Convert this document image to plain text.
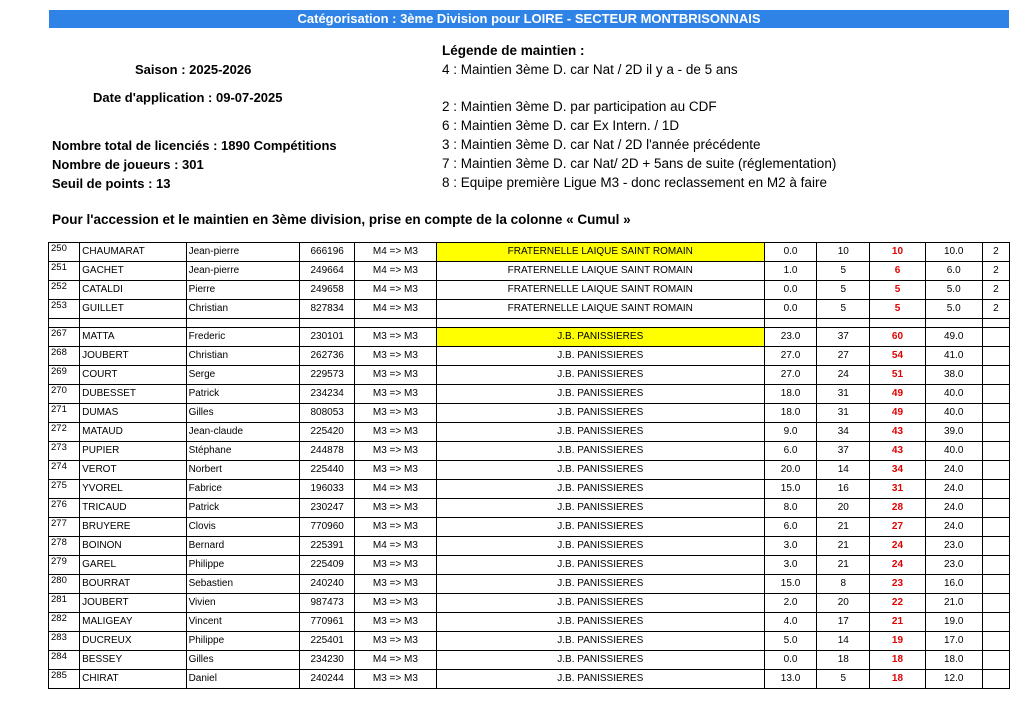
Catégorisation : 3ème Division pour LOIRE - SECTEUR MONTBRISONNAIS
Saison : 2025-2026
Date d'application : 09-07-2025
Nombre total de licenciés : 1890 Compétitions
Nombre de joueurs : 301
Seuil de points : 13
Légende de maintien :
4 : Maintien 3ème D. car Nat / 2D il y a - de 5 ans
2 : Maintien 3ème D. par participation au CDF
6 : Maintien 3ème D. car Ex Intern. / 1D
3 : Maintien 3ème D. car Nat / 2D l'année précédente
7 : Maintien 3ème D. car Nat/ 2D + 5ans de suite (réglementation)
8 : Equipe première Ligue M3 - donc reclassement en M2 à faire
Pour l'accession et le maintien en 3ème division, prise en compte de la colonne « Cumul »
250	CHAUMARAT	Jean-pierre	666196	M4 => M3	FRATERNELLE LAIQUE SAINT ROMAIN	0.0	10	10	10.0	2
251	GACHET	Jean-pierre	249664	M4 => M3	FRATERNELLE LAIQUE SAINT ROMAIN	1.0	5	6	6.0	2
252	CATALDI	Pierre	249658	M4 => M3	FRATERNELLE LAIQUE SAINT ROMAIN	0.0	5	5	5.0	2
253	GUILLET	Christian	827834	M4 => M3	FRATERNELLE LAIQUE SAINT ROMAIN	0.0	5	5	5.0	2

267	MATTA	Frederic	230101	M3 => M3	J.B. PANISSIERES	23.0	37	60	49.0	
268	JOUBERT	Christian	262736	M3 => M3	J.B. PANISSIERES	27.0	27	54	41.0	
269	COURT	Serge	229573	M3 => M3	J.B. PANISSIERES	27.0	24	51	38.0	
270	DUBESSET	Patrick	234234	M3 => M3	J.B. PANISSIERES	18.0	31	49	40.0	
271	DUMAS	Gilles	808053	M3 => M3	J.B. PANISSIERES	18.0	31	49	40.0	
272	MATAUD	Jean-claude	225420	M3 => M3	J.B. PANISSIERES	9.0	34	43	39.0	
273	PUPIER	Stéphane	244878	M3 => M3	J.B. PANISSIERES	6.0	37	43	40.0	
274	VEROT	Norbert	225440	M3 => M3	J.B. PANISSIERES	20.0	14	34	24.0	
275	YVOREL	Fabrice	196033	M4 => M3	J.B. PANISSIERES	15.0	16	31	24.0	
276	TRICAUD	Patrick	230247	M3 => M3	J.B. PANISSIERES	8.0	20	28	24.0	
277	BRUYERE	Clovis	770960	M3 => M3	J.B. PANISSIERES	6.0	21	27	24.0	
278	BOINON	Bernard	225391	M4 => M3	J.B. PANISSIERES	3.0	21	24	23.0	
279	GAREL	Philippe	225409	M3 => M3	J.B. PANISSIERES	3.0	21	24	23.0	
280	BOURRAT	Sebastien	240240	M3 => M3	J.B. PANISSIERES	15.0	8	23	16.0	
281	JOUBERT	Vivien	987473	M3 => M3	J.B. PANISSIERES	2.0	20	22	21.0	
282	MALIGEAY	Vincent	770961	M3 => M3	J.B. PANISSIERES	4.0	17	21	19.0	
283	DUCREUX	Philippe	225401	M3 => M3	J.B. PANISSIERES	5.0	14	19	17.0	
284	BESSEY	Gilles	234230	M4 => M3	J.B. PANISSIERES	0.0	18	18	18.0	
285	CHIRAT	Daniel	240244	M3 => M3	J.B. PANISSIERES	13.0	5	18	12.0	
